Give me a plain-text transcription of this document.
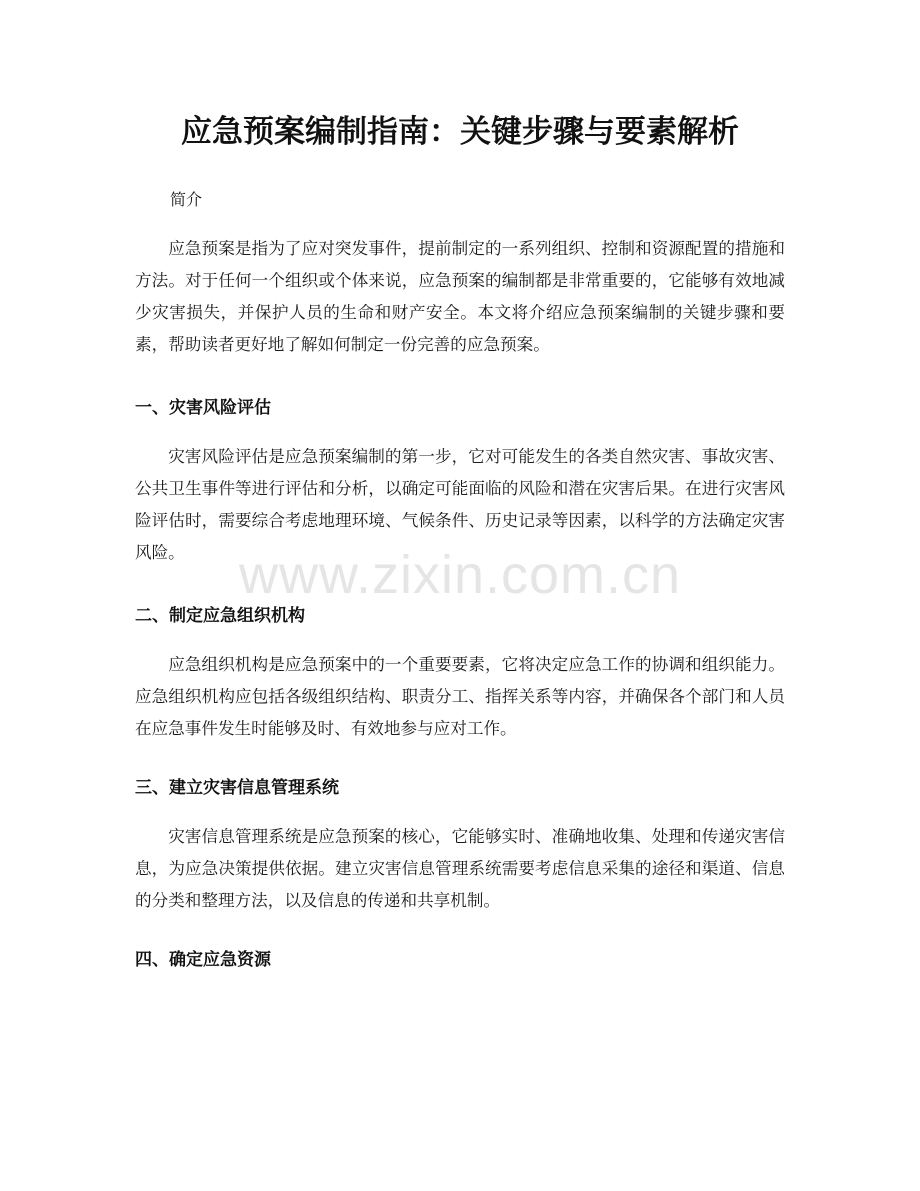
应急预案编制指南：关键步骤与要素解析

简介

应急预案是指为了应对突发事件，提前制定的一系列组织、控制和资源配置的措施和方法。对于任何一个组织或个体来说，应急预案的编制都是非常重要的，它能够有效地减少灾害损失，并保护人员的生命和财产安全。本文将介绍应急预案编制的关键步骤和要素，帮助读者更好地了解如何制定一份完善的应急预案。

一、灾害风险评估

灾害风险评估是应急预案编制的第一步，它对可能发生的各类自然灾害、事故灾害、公共卫生事件等进行评估和分析，以确定可能面临的风险和潜在灾害后果。在进行灾害风险评估时，需要综合考虑地理环境、气候条件、历史记录等因素，以科学的方法确定灾害风险。

二、制定应急组织机构

应急组织机构是应急预案中的一个重要要素，它将决定应急工作的协调和组织能力。应急组织机构应包括各级组织结构、职责分工、指挥关系等内容，并确保各个部门和人员在应急事件发生时能够及时、有效地参与应对工作。

三、建立灾害信息管理系统

灾害信息管理系统是应急预案的核心，它能够实时、准确地收集、处理和传递灾害信息，为应急决策提供依据。建立灾害信息管理系统需要考虑信息采集的途径和渠道、信息的分类和整理方法，以及信息的传递和共享机制。

四、确定应急资源
www.zixin.com.cn
